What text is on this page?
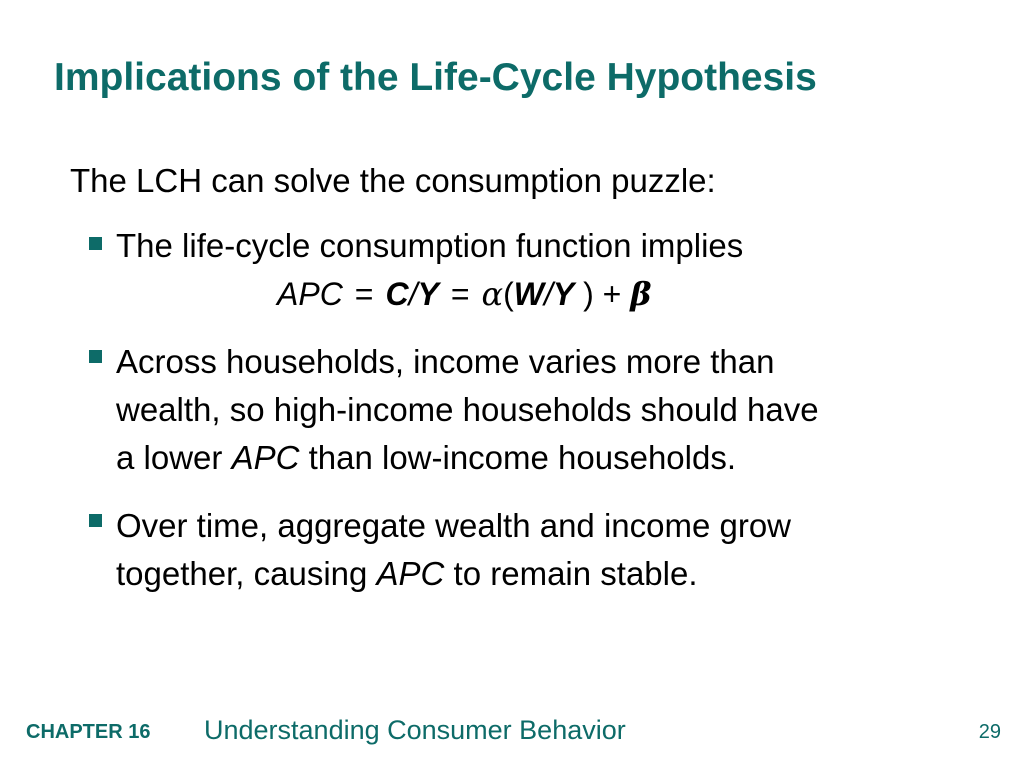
Implications of the Life-Cycle Hypothesis
The LCH can solve the consumption puzzle:
The life-cycle consumption function implies
APC = C/Y = α(W/Y ) + β
Across households, income varies more than
wealth, so high-income households should have
a lower APC than low-income households.
Over time, aggregate wealth and income grow
together, causing APC to remain stable.
CHAPTER 16 Understanding Consumer Behavior	29
